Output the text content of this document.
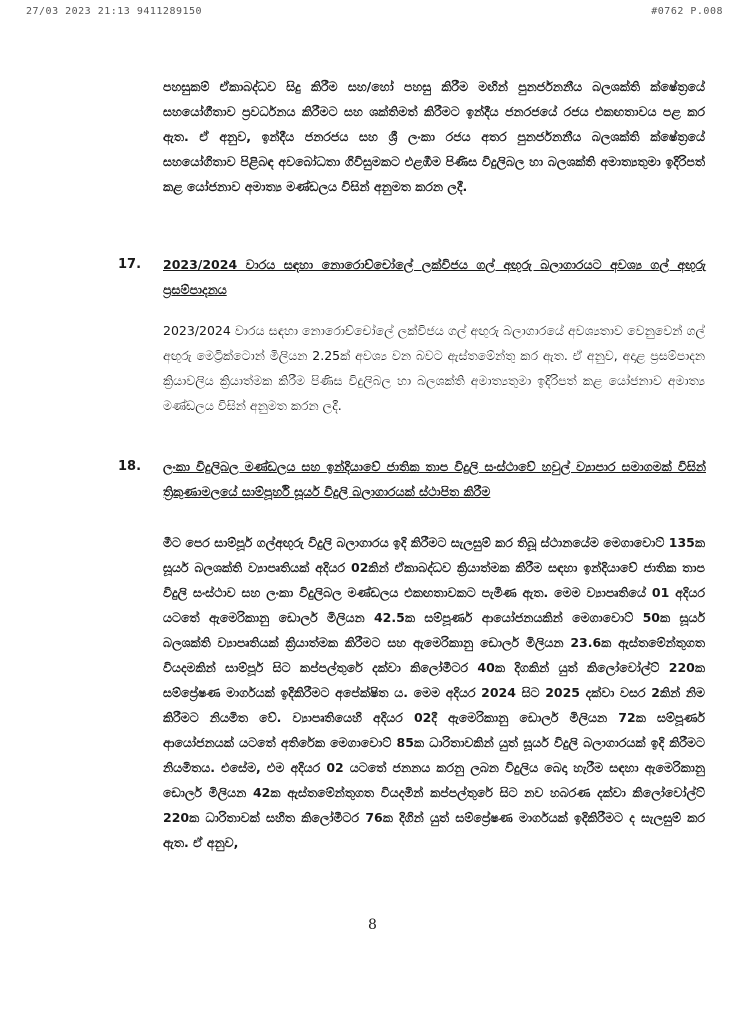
27/03 2023 21:13 9411289150	#0762 P.008

පහසුකම් ඒකාබද්ධව සිදු කිරීම සහ/හෝ පහසු කිරීම මඟින් පුනර්ජනනීය බලශක්ති ක්ෂේත්‍රයේ සහයෝගීතාව ප්‍රවර්ධනය කිරීමට සහ ශක්තිමත් කිරීමට ඉන්දීය ජනරජයේ රජය එකඟතාවය පළ කර ඇත. ඒ අනුව, ඉන්දීය ජනරජය සහ ශ්‍රී ලංකා රජය අතර පුනර්ජනනීය බලශක්ති ක්ෂේත්‍රයේ සහයෝගිතාව පිළිබඳ අවබෝධතා ගිවිසුමකට එළඹීම පිණිස විදුලිබල හා බලශක්ති අමාත්‍යතුමා ඉදිරිපත් කළ යෝජනාව අමාත්‍ය මණ්ඩලය විසින් අනුමත කරන ලදී.

17. 2023/2024 වාරය සඳහා නොරොච්චෝලේ ලක්විජය ගල් අඟුරු බලාගාරයට අවශ්‍ය ගල් අඟුරු ප්‍රසම්පාදනය

2023/2024 වාරය සඳහා නොරොච්චෝලේ ලක්විජය ගල් අඟුරු බලාගාරයේ අවශ්‍යතාව වෙනුවෙන් ගල් අඟුරු මෙට්‍රික්ටොන් මිලියන 2.25ක් අවශ්‍ය වන බවට ඇස්තමේන්තු කර ඇත. ඒ අනුව, අදාළ ප්‍රසම්පාදන ක්‍රියාවලිය ක්‍රියාත්මක කිරීම පිණිස විදුලිබල හා බලශක්ති අමාත්‍යතුමා ඉදිරිපත් කළ යෝජනාව අමාත්‍ය මණ්ඩලය විසින් අනුමත කරන ලදී.

18. ලංකා විදුලිබල මණ්ඩලය සහ ඉන්දියාවේ ජාතික තාප විදුලි සංස්ථාවේ හවුල් ව්‍යාපාර සමාගමක් විසින් ත්‍රිකුණාමලයේ සාම්පූර්හි සූර්ය විදුලි බලාගාරයක් ස්ථාපිත කිරීම

මීට පෙර සාම්පූර් ගල්අඟුරු විදුලි බලාගාරය ඉදි කිරීමට සැලසුම් කර තිබූ ස්ථානයේම මෙගාවොට් 135ක සූර්ය බලශක්ති ව්‍යාපෘතියක් අදියර 02කින් ඒකාබද්ධව ක්‍රියාත්මක කිරීම සඳහා ඉන්දියාවේ ජාතික තාප විදුලි සංස්ථාව සහ ලංකා විදුලිබල මණ්ඩලය එකඟතාවකට පැමිණ ඇත. මෙම ව්‍යාපෘතියේ 01 අදියර යටතේ ඇමෙරිකානු ඩොලර් මිලියන 42.5ක සම්පූර්ණ ආයෝජනයකින් මෙගාවොට් 50ක සූර්ය බලශක්ති ව්‍යාපෘතියක් ක්‍රියාත්මක කිරීමට සහ ඇමෙරිකානු ඩොලර් මිලියන 23.6ක ඇස්තමේන්තුගත වියදමකින් සාම්පූර් සිට කප්පල්තුරේ දක්වා කිලෝමීටර 40ක දිගකින් යුත් කිලෝවෝල්ට් 220ක සම්ප්‍රේෂණ මාර්ගයක් ඉදිකිරීමට අපේක්ෂිත ය. මෙම අදියර 2024 සිට 2025 දක්වා වසර 2කින් නිම කිරීමට නියමිත වේ. ව්‍යාපෘතියෙහි අදියර 02දී ඇමෙරිකානු ඩොලර් මිලියන 72ක සම්පූර්ණ ආයෝජනයක් යටතේ අතිරේක මෙගාවොට් 85ක ධාරිතාවකින් යුත් සූර්ය විදුලි බලාගාරයක් ඉදි කිරීමට නියමිතය. එසේම, එම අදියර 02 යටතේ ජනනය කරනු ලබන විදුලිය බෙදා හැරීම සඳහා ඇමෙරිකානු ඩොලර් මිලියන 42ක ඇස්තමේන්තුගත වියදමින් කප්පල්තුරේ සිට නව හබරණ දක්වා කිලෝවෝල්ට් 220ක ධාරිතාවක් සහිත කිලෝමීටර 76ක දිගින් යුත් සම්ප්‍රේෂණ මාර්ගයක් ඉදිකිරීමට ද සැලසුම් කර ඇත. ඒ අනුව,

8
